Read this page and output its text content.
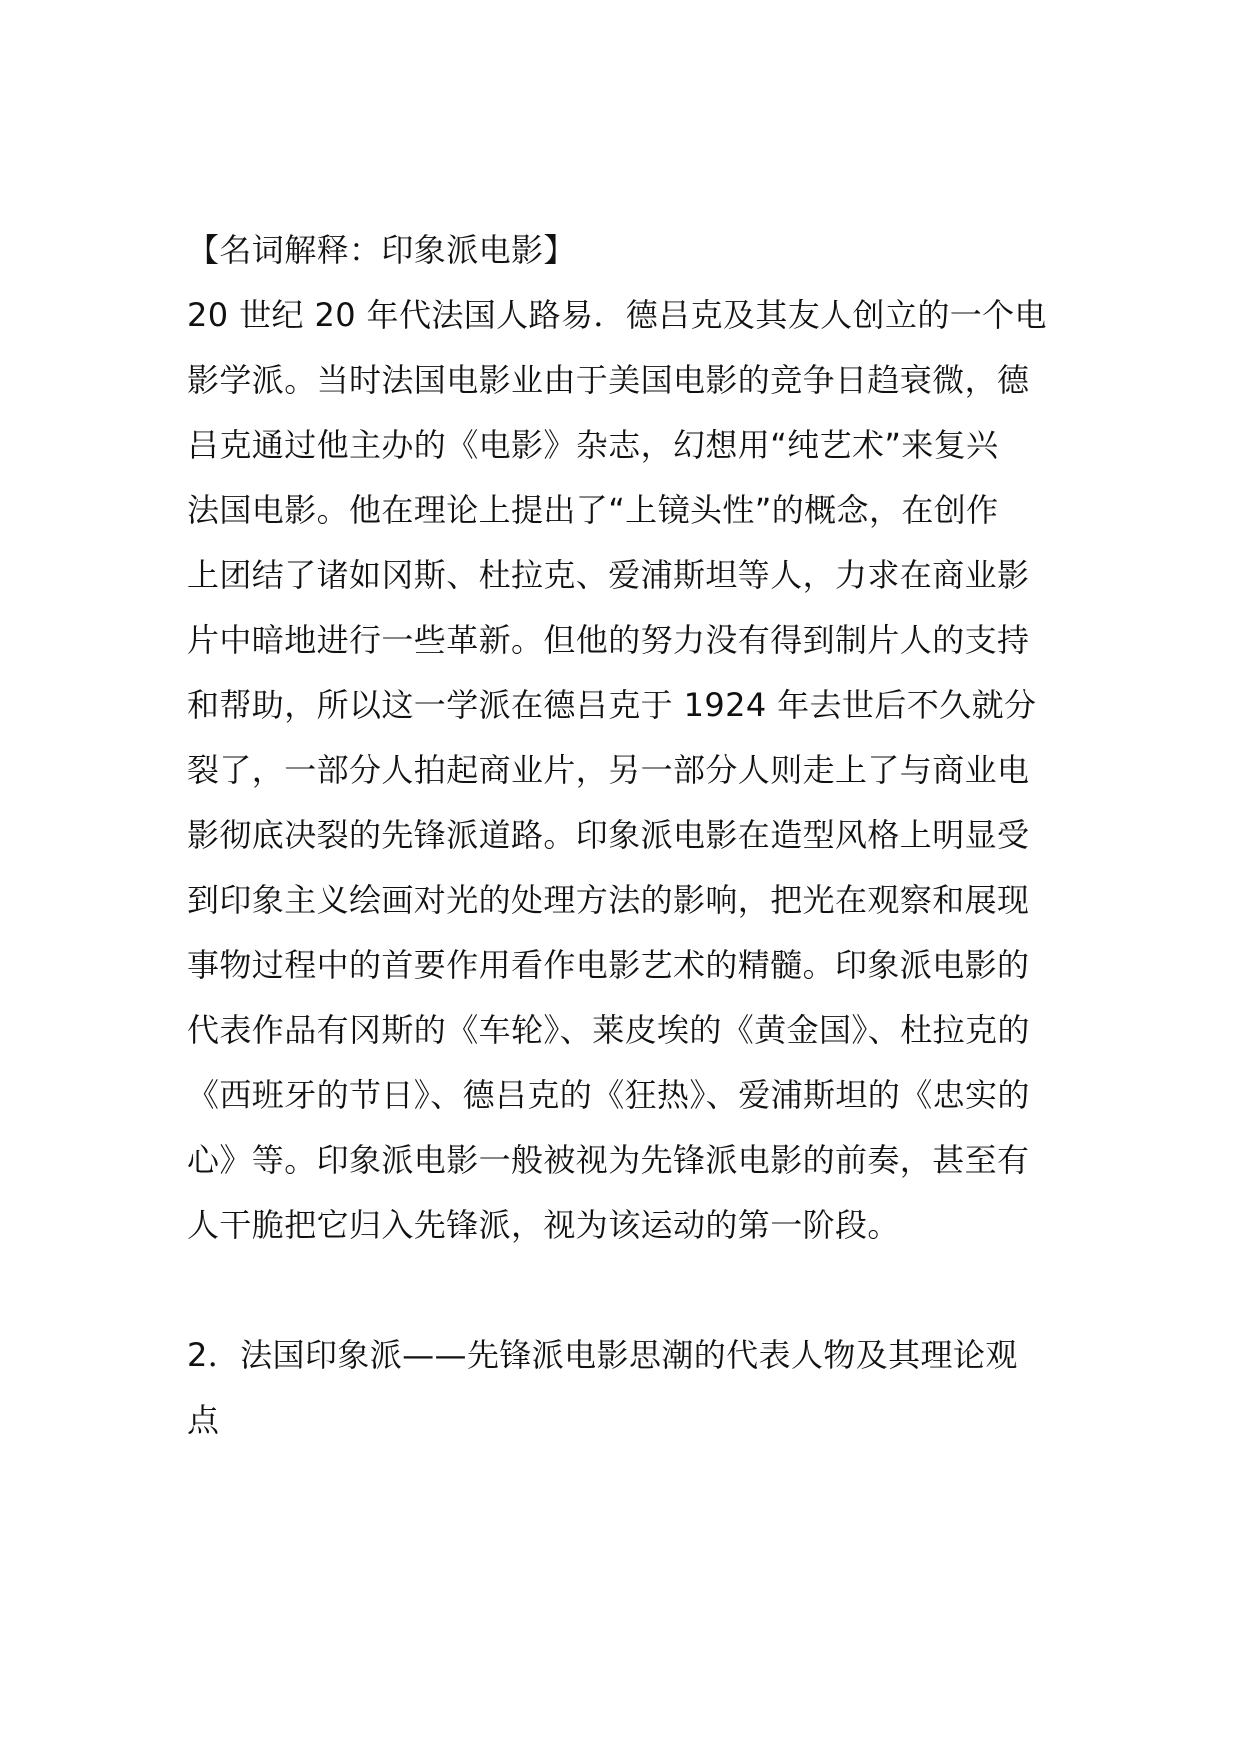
【名词解释：印象派电影】

20 世纪 20 年代法国人路易．德吕克及其友人创立的一个电

影学派。当时法国电影业由于美国电影的竞争日趋衰微，德

吕克通过他主办的《电影》杂志，幻想用“纯艺术”来复兴

法国电影。他在理论上提出了“上镜头性”的概念，在创作

上团结了诸如冈斯、杜拉克、爱浦斯坦等人，力求在商业影

片中暗地进行一些革新。但他的努力没有得到制片人的支持

和帮助，所以这一学派在德吕克于 1924 年去世后不久就分

裂了，一部分人拍起商业片，另一部分人则走上了与商业电

影彻底决裂的先锋派道路。印象派电影在造型风格上明显受

到印象主义绘画对光的处理方法的影响，把光在观察和展现

事物过程中的首要作用看作电影艺术的精髓。印象派电影的

代表作品有冈斯的《车轮》、莱皮埃的《黄金国》、杜拉克的

《西班牙的节日》、德吕克的《狂热》、爱浦斯坦的《忠实的

心》等。印象派电影一般被视为先锋派电影的前奏，甚至有

人干脆把它归入先锋派，视为该运动的第一阶段。

2．法国印象派——先锋派电影思潮的代表人物及其理论观

点
